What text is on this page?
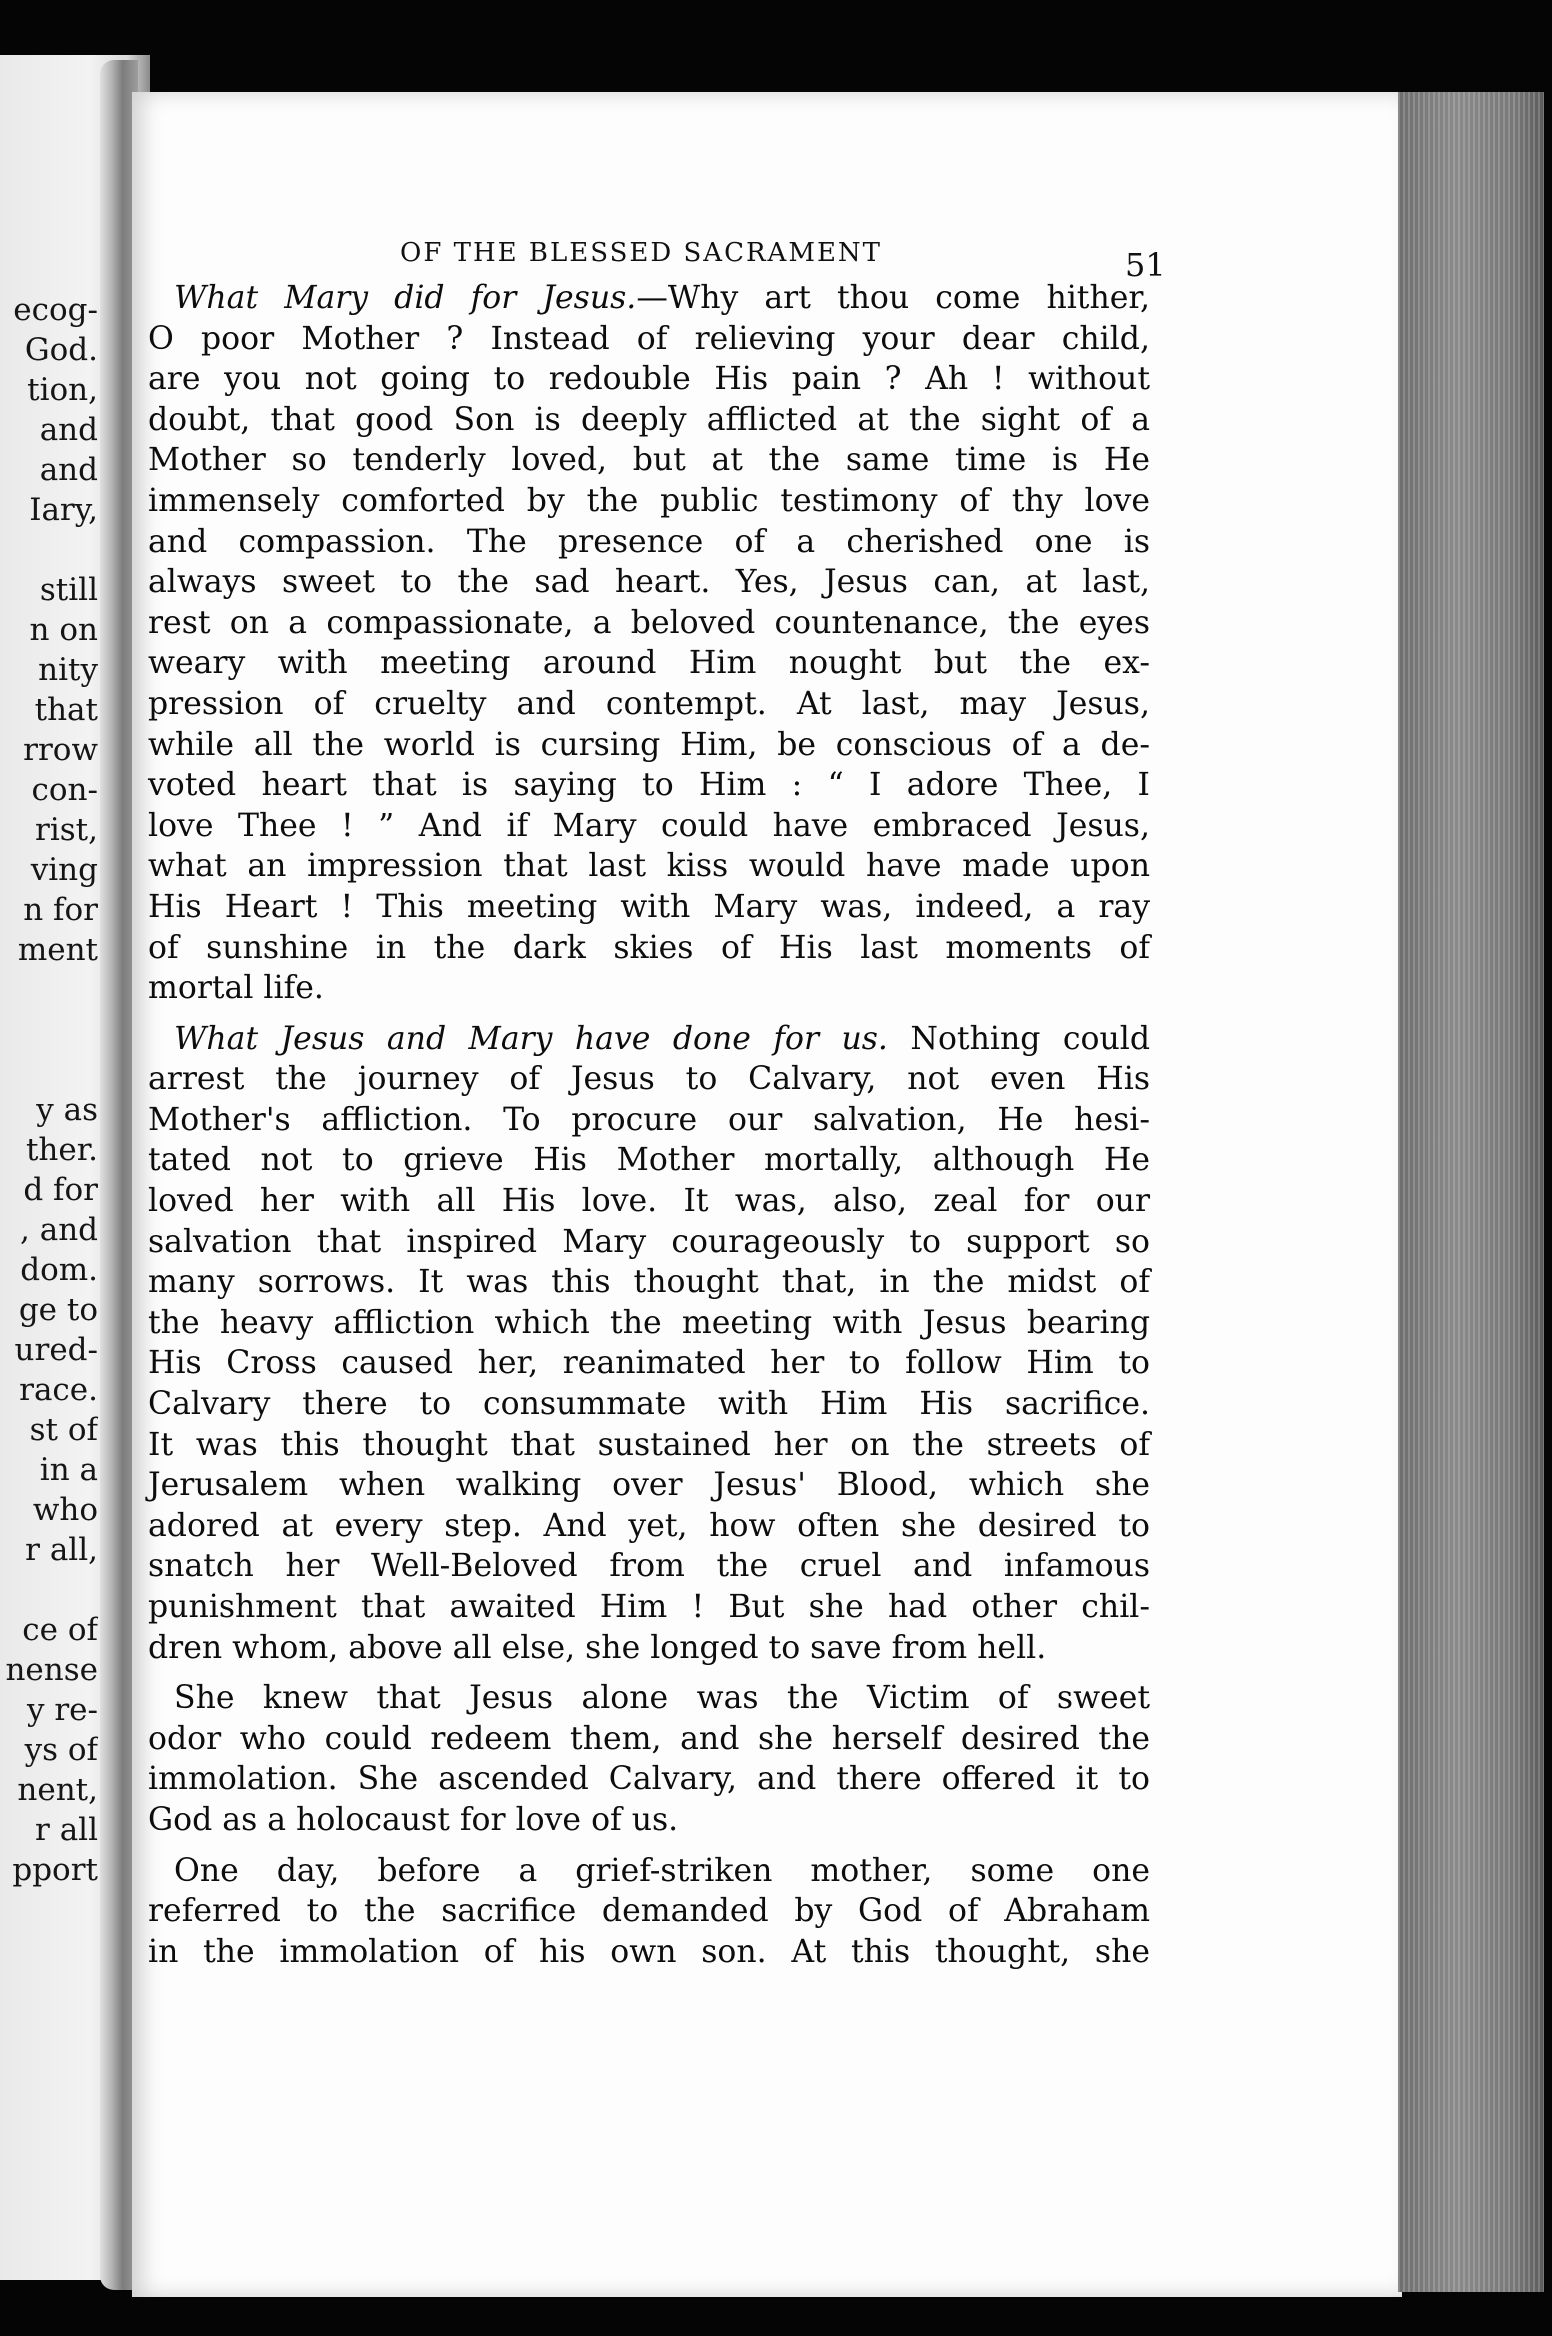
ecog-
God.
tion,
and
and
Iary,

still
n on
nity
that
rrow
con-
rist,
ving
n for
ment

y as
ther.
d for
, and
dom.
ge to
ured-
race.
st of
in a
who
r all,

ce of
nense
y re-
ys of
nent,
r all
pport
OF THE BLESSED SACRAMENT	51
What Mary did for Jesus.—Why art thou come hither,
O poor Mother ? Instead of relieving your dear child,
are you not going to redouble His pain ? Ah ! without
doubt, that good Son is deeply afflicted at the sight of a
Mother so tenderly loved, but at the same time is He
immensely comforted by the public testimony of thy love
and compassion. The presence of a cherished one is
always sweet to the sad heart. Yes, Jesus can, at last,
rest on a compassionate, a beloved countenance, the eyes
weary with meeting around Him nought but the ex-
pression of cruelty and contempt. At last, may Jesus,
while all the world is cursing Him, be conscious of a de-
voted heart that is saying to Him : “ I adore Thee, I
love Thee ! ” And if Mary could have embraced Jesus,
what an impression that last kiss would have made upon
His Heart ! This meeting with Mary was, indeed, a ray
of sunshine in the dark skies of His last moments of
mortal life.
What Jesus and Mary have done for us. Nothing could
arrest the journey of Jesus to Calvary, not even His
Mother's affliction. To procure our salvation, He hesi-
tated not to grieve His Mother mortally, although He
loved her with all His love. It was, also, zeal for our
salvation that inspired Mary courageously to support so
many sorrows. It was this thought that, in the midst of
the heavy affliction which the meeting with Jesus bearing
His Cross caused her, reanimated her to follow Him to
Calvary there to consummate with Him His sacrifice.
It was this thought that sustained her on the streets of
Jerusalem when walking over Jesus' Blood, which she
adored at every step. And yet, how often she desired to
snatch her Well-Beloved from the cruel and infamous
punishment that awaited Him ! But she had other chil-
dren whom, above all else, she longed to save from hell.
She knew that Jesus alone was the Victim of sweet
odor who could redeem them, and she herself desired the
immolation. She ascended Calvary, and there offered it to
God as a holocaust for love of us.
One day, before a grief-striken mother, some one
referred to the sacrifice demanded by God of Abraham
in the immolation of his own son. At this thought, she
